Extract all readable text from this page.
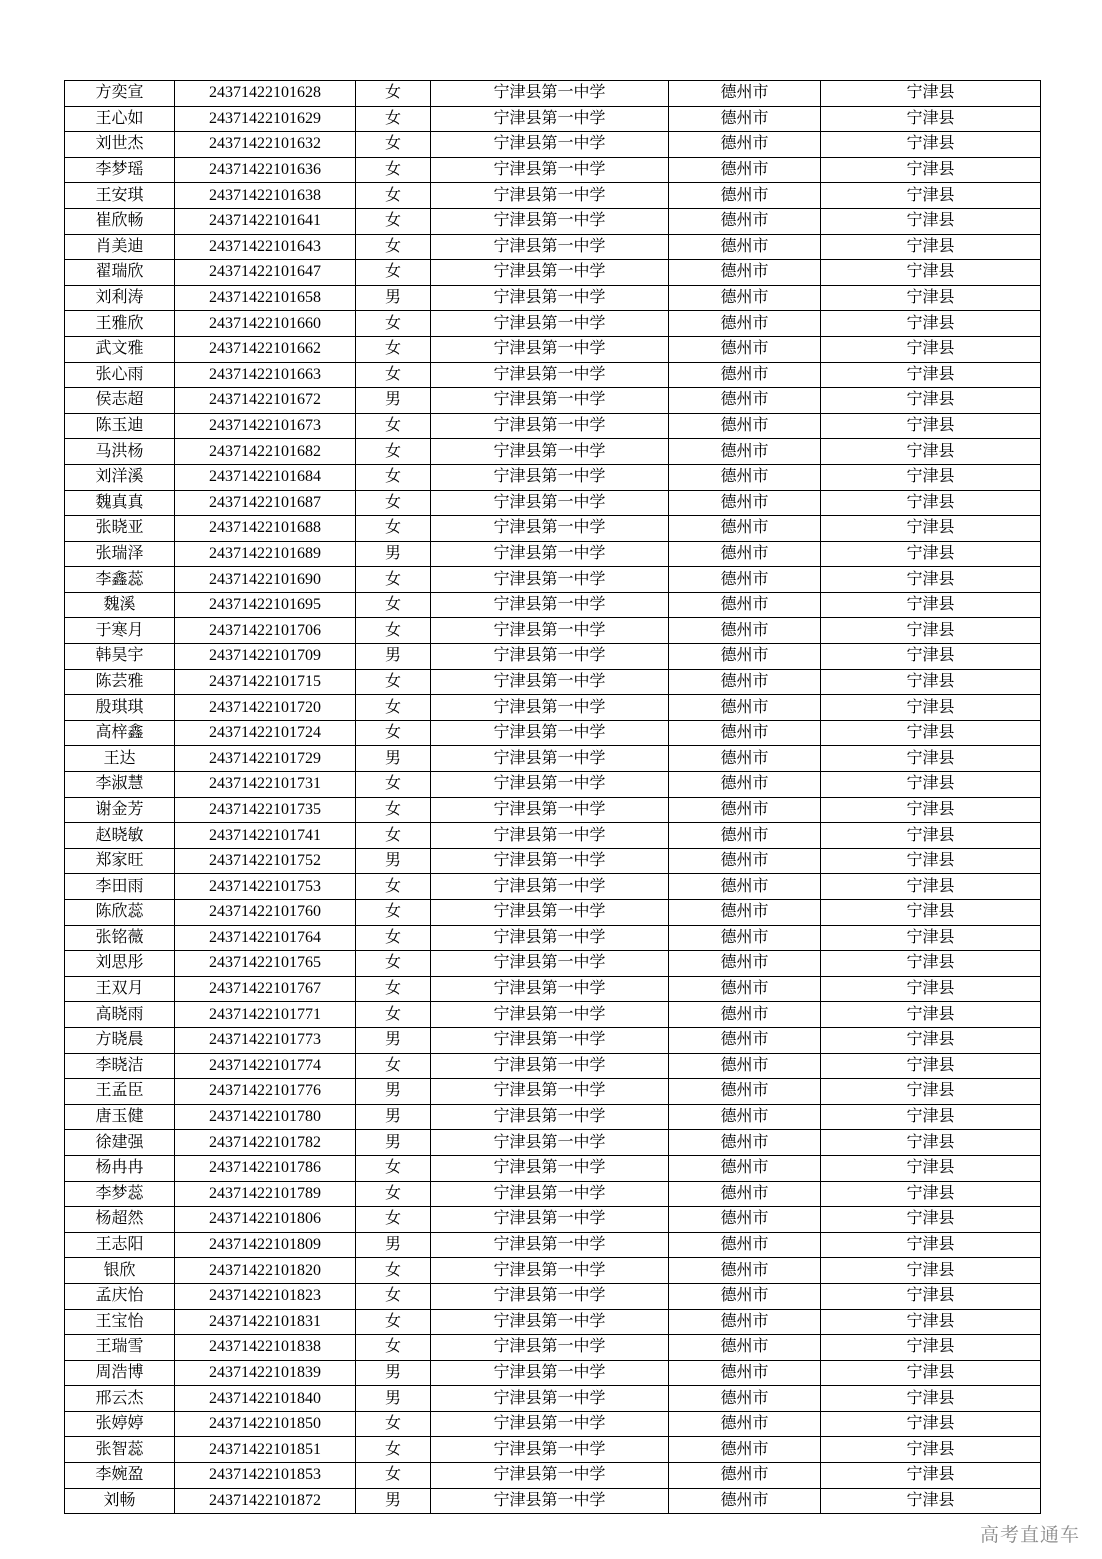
方奕宣	24371422101628	女	宁津县第一中学	德州市	宁津县
王心如	24371422101629	女	宁津县第一中学	德州市	宁津县
刘世杰	24371422101632	女	宁津县第一中学	德州市	宁津县
李梦瑶	24371422101636	女	宁津县第一中学	德州市	宁津县
王安琪	24371422101638	女	宁津县第一中学	德州市	宁津县
崔欣畅	24371422101641	女	宁津县第一中学	德州市	宁津县
肖美迪	24371422101643	女	宁津县第一中学	德州市	宁津县
翟瑞欣	24371422101647	女	宁津县第一中学	德州市	宁津县
刘利涛	24371422101658	男	宁津县第一中学	德州市	宁津县
王雅欣	24371422101660	女	宁津县第一中学	德州市	宁津县
武文雅	24371422101662	女	宁津县第一中学	德州市	宁津县
张心雨	24371422101663	女	宁津县第一中学	德州市	宁津县
侯志超	24371422101672	男	宁津县第一中学	德州市	宁津县
陈玉迪	24371422101673	女	宁津县第一中学	德州市	宁津县
马洪杨	24371422101682	女	宁津县第一中学	德州市	宁津县
刘洋溪	24371422101684	女	宁津县第一中学	德州市	宁津县
魏真真	24371422101687	女	宁津县第一中学	德州市	宁津县
张晓亚	24371422101688	女	宁津县第一中学	德州市	宁津县
张瑞泽	24371422101689	男	宁津县第一中学	德州市	宁津县
李鑫蕊	24371422101690	女	宁津县第一中学	德州市	宁津县
魏溪	24371422101695	女	宁津县第一中学	德州市	宁津县
于寒月	24371422101706	女	宁津县第一中学	德州市	宁津县
韩昊宇	24371422101709	男	宁津县第一中学	德州市	宁津县
陈芸雅	24371422101715	女	宁津县第一中学	德州市	宁津县
殷琪琪	24371422101720	女	宁津县第一中学	德州市	宁津县
高梓鑫	24371422101724	女	宁津县第一中学	德州市	宁津县
王达	24371422101729	男	宁津县第一中学	德州市	宁津县
李淑慧	24371422101731	女	宁津县第一中学	德州市	宁津县
谢金芳	24371422101735	女	宁津县第一中学	德州市	宁津县
赵晓敏	24371422101741	女	宁津县第一中学	德州市	宁津县
郑家旺	24371422101752	男	宁津县第一中学	德州市	宁津县
李田雨	24371422101753	女	宁津县第一中学	德州市	宁津县
陈欣蕊	24371422101760	女	宁津县第一中学	德州市	宁津县
张铭薇	24371422101764	女	宁津县第一中学	德州市	宁津县
刘思彤	24371422101765	女	宁津县第一中学	德州市	宁津县
王双月	24371422101767	女	宁津县第一中学	德州市	宁津县
高晓雨	24371422101771	女	宁津县第一中学	德州市	宁津县
方晓晨	24371422101773	男	宁津县第一中学	德州市	宁津县
李晓洁	24371422101774	女	宁津县第一中学	德州市	宁津县
王孟臣	24371422101776	男	宁津县第一中学	德州市	宁津县
唐玉健	24371422101780	男	宁津县第一中学	德州市	宁津县
徐建强	24371422101782	男	宁津县第一中学	德州市	宁津县
杨冉冉	24371422101786	女	宁津县第一中学	德州市	宁津县
李梦蕊	24371422101789	女	宁津县第一中学	德州市	宁津县
杨超然	24371422101806	女	宁津县第一中学	德州市	宁津县
王志阳	24371422101809	男	宁津县第一中学	德州市	宁津县
银欣	24371422101820	女	宁津县第一中学	德州市	宁津县
孟庆怡	24371422101823	女	宁津县第一中学	德州市	宁津县
王宝怡	24371422101831	女	宁津县第一中学	德州市	宁津县
王瑞雪	24371422101838	女	宁津县第一中学	德州市	宁津县
周浩博	24371422101839	男	宁津县第一中学	德州市	宁津县
邢云杰	24371422101840	男	宁津县第一中学	德州市	宁津县
张婷婷	24371422101850	女	宁津县第一中学	德州市	宁津县
张智蕊	24371422101851	女	宁津县第一中学	德州市	宁津县
李婉盈	24371422101853	女	宁津县第一中学	德州市	宁津县
刘畅	24371422101872	男	宁津县第一中学	德州市	宁津县
高考直通车
